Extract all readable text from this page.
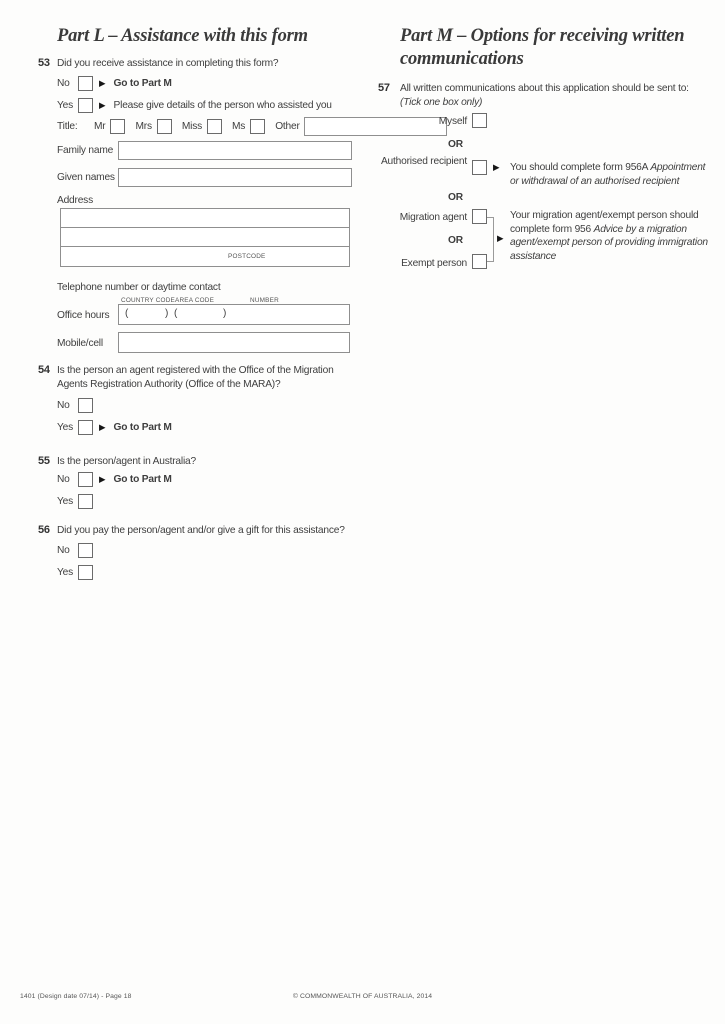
Part L – Assistance with this form
53 Did you receive assistance in completing this form?
No	▶ Go to Part M
Yes	▶ Please give details of the person who assisted you
Title:	Mr	Mrs	Miss	Ms	Other
Family name
Given names
Address
POSTCODE
Telephone number or daytime contact
COUNTRY CODE AREA CODE	NUMBER
Office hours (	) (	)
Mobile/cell
54 Is the person an agent registered with the Office of the Migration Agents Registration Authority (Office of the MARA)?
No
Yes	▶ Go to Part M
55 Is the person/agent in Australia?
No	▶ Go to Part M
Yes
56 Did you pay the person/agent and/or give a gift for this assistance?
No
Yes
Part M – Options for receiving written communications
57 All written communications about this application should be sent to:
(Tick one box only)
Myself
OR
Authorised recipient
▶ You should complete form 956A Appointment or withdrawal of an authorised recipient
OR
Migration agent
OR
Exempt person
▶
Your migration agent/exempt person should complete form 956 Advice by a migration agent/exempt person of providing immigration assistance
1401 (Design date 07/14) - Page 18	© COMMONWEALTH OF AUSTRALIA, 2014
